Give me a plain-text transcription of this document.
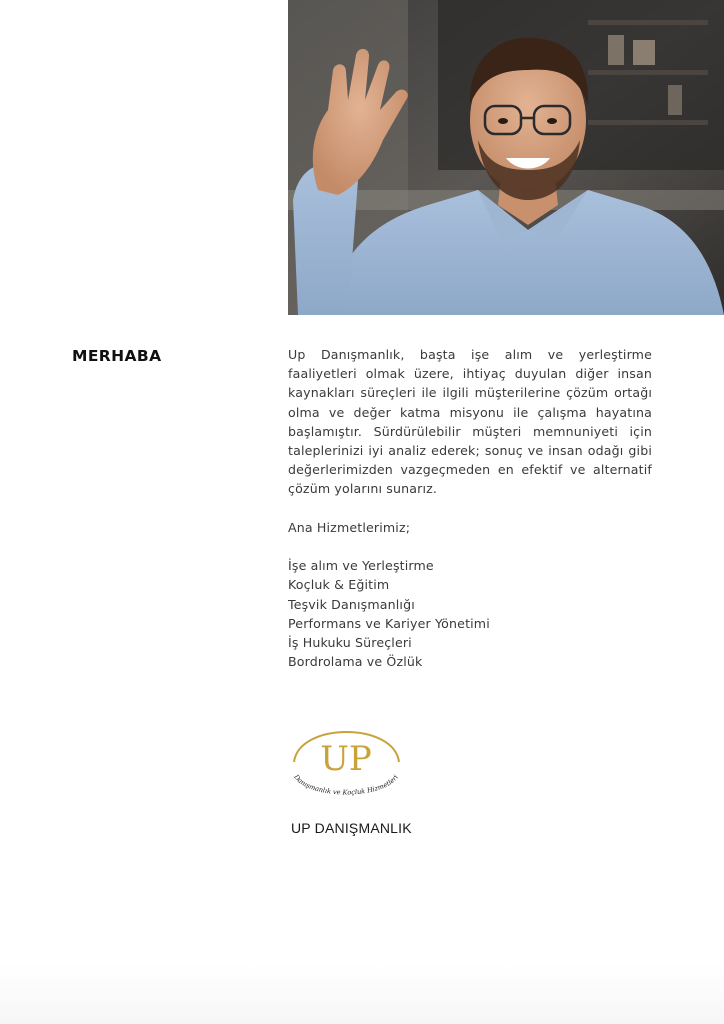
MERHABA	Up Danışmanlık, başta işe alım ve yerleştirme faaliyetleri olmak üzere, ihtiyaç duyulan diğer insan kaynakları süreçleri ile ilgili müşterilerine çözüm ortağı olma ve değer katma misyonu ile çalışma hayatına başlamıştır. Sürdürülebilir müşteri memnuniyeti için taleplerinizi iyi analiz ederek; sonuç ve insan odağı gibi değerlerimizden vazgeçmeden en efektif ve alternatif çözüm yolarını sunarız.

Ana Hizmetlerimiz;
İşe alım ve Yerleştirme
Koçluk & Eğitim
Teşvik Danışmanlığı
Performans ve Kariyer Yönetimi
İş Hukuku Süreçleri
Bordrolama ve Özlük
UP
Danışmanlık ve Koçluk Hizmetleri
UP DANIŞMANLIK
